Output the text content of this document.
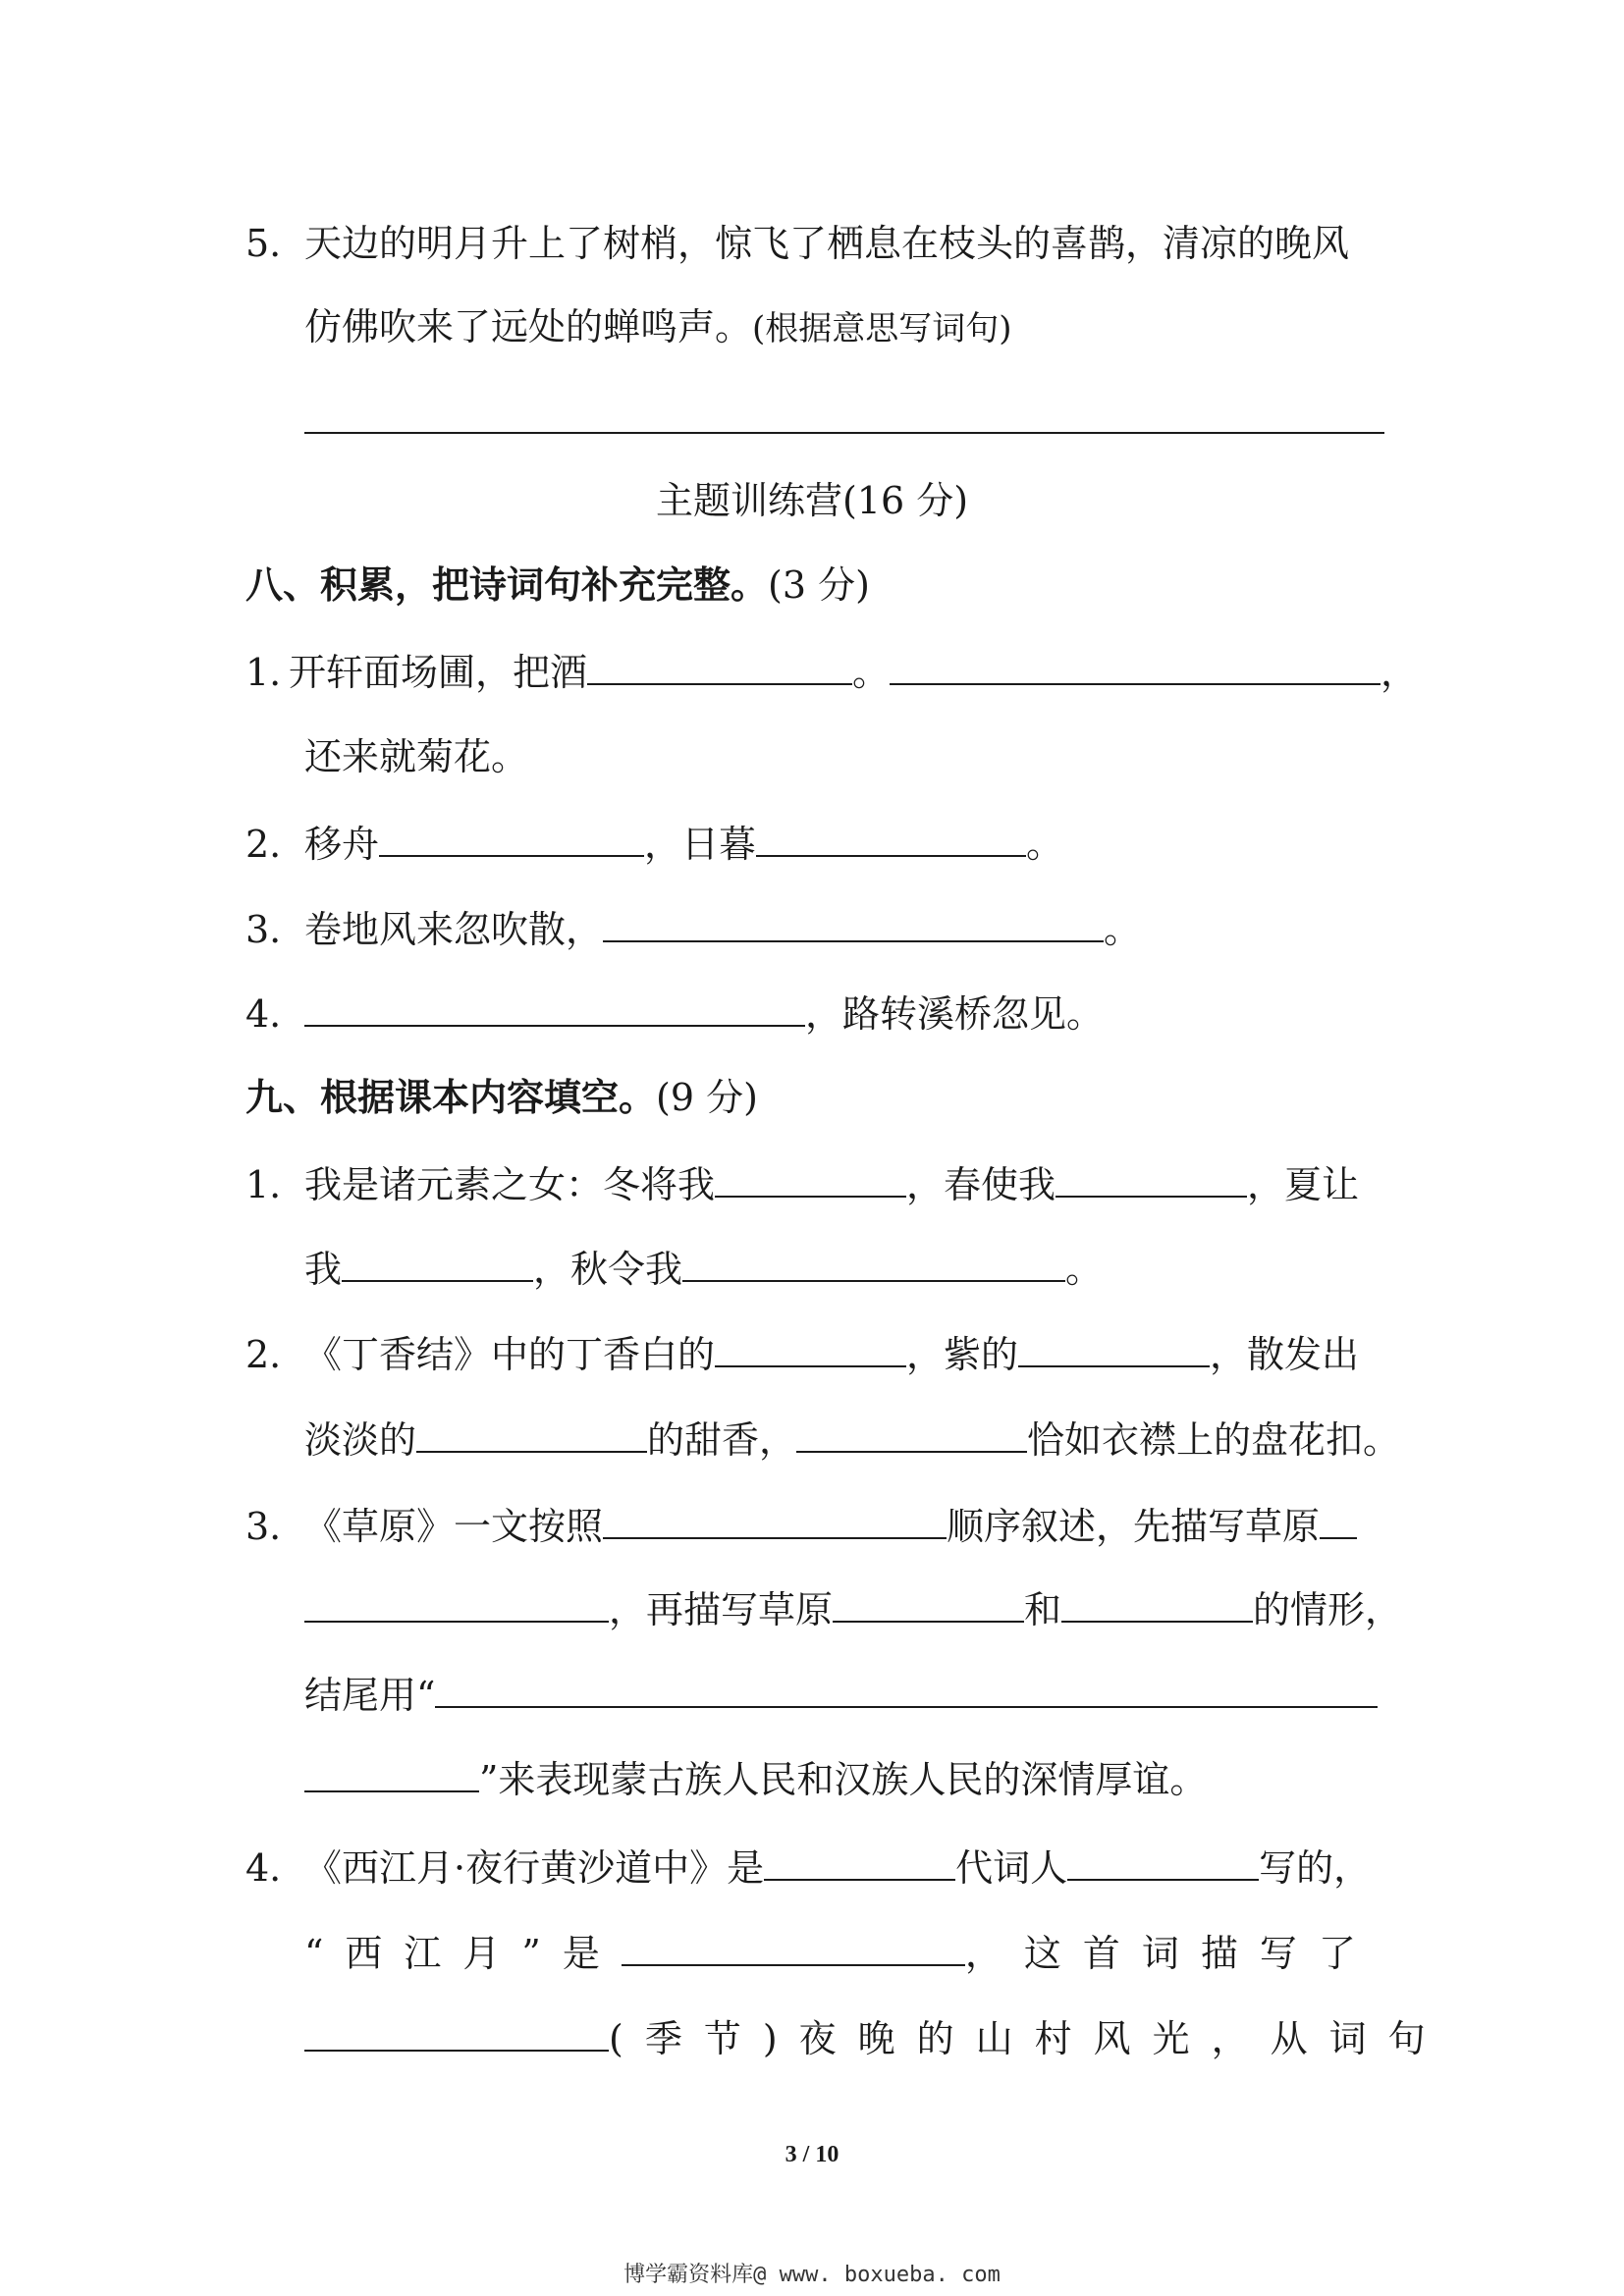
5. 天边的明月升上了树梢，惊飞了栖息在枝头的喜鹊，清凉的晚风
仿佛吹来了远处的蝉鸣声。(根据意思写词句)
主题训练营(16 分)
八、积累，把诗词句补充完整。(3 分)
1. 开轩面场圃，把酒	。	，
还来就菊花。
2. 移舟	，日暮	。
3. 卷地风来忽吹散，	。
4.	，路转溪桥忽见。
九、根据课本内容填空。(9 分)
1. 我是诸元素之女：冬将我	，春使我	，夏让
我	，秋令我	。
2. 《丁香结》中的丁香白的	，紫的	，散发出
淡淡的	的甜香，	恰如衣襟上的盘花扣。
3. 《草原》一文按照	顺序叙述，先描写草原
，再描写草原	和	的情形，
结尾用“
”来表现蒙古族人民和汉族人民的深情厚谊。
4. 《西江月·夜行黄沙道中》是	代词人	写的，
“西江月”是	，这首词描写了
(季节)夜晚的山村风光，从词句
3 / 10
博学霸资料库@ www. boxueba. com
